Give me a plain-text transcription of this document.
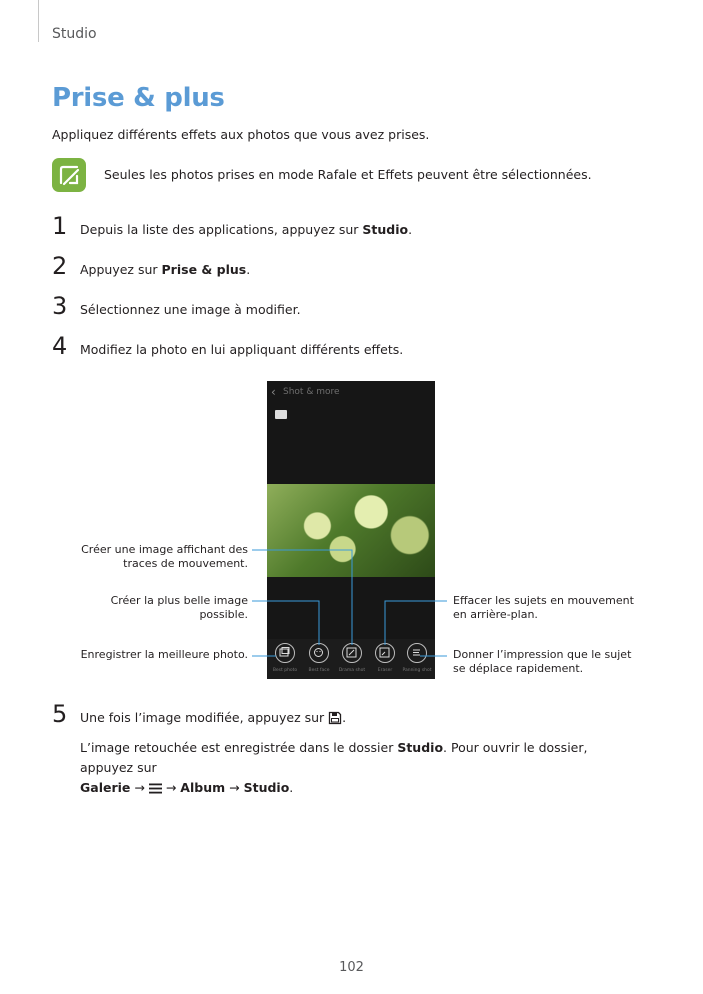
Studio
Prise & plus
Appliquez différents effets aux photos que vous avez prises.
Seules les photos prises en mode Rafale et Effets peuvent être sélectionnées.
1 Depuis la liste des applications, appuyez sur Studio.
2 Appuyez sur Prise & plus.
3 Sélectionnez une image à modifier.
4 Modifiez la photo en lui appliquant différents effets.
‹ Shot & more
Best photo	Best face	Drama shot	Eraser	Panning shot
Créer une image affichant des traces de mouvement.
Créer la plus belle image possible.
Enregistrer la meilleure photo.
Effacer les sujets en mouvement en arrière-plan.
Donner l’impression que le sujet se déplace rapidement.
5 Une fois l’image modifiée, appuyez sur .
L’image retouchée est enregistrée dans le dossier Studio. Pour ouvrir le dossier, appuyez sur
Galerie → → Album → Studio.
102
